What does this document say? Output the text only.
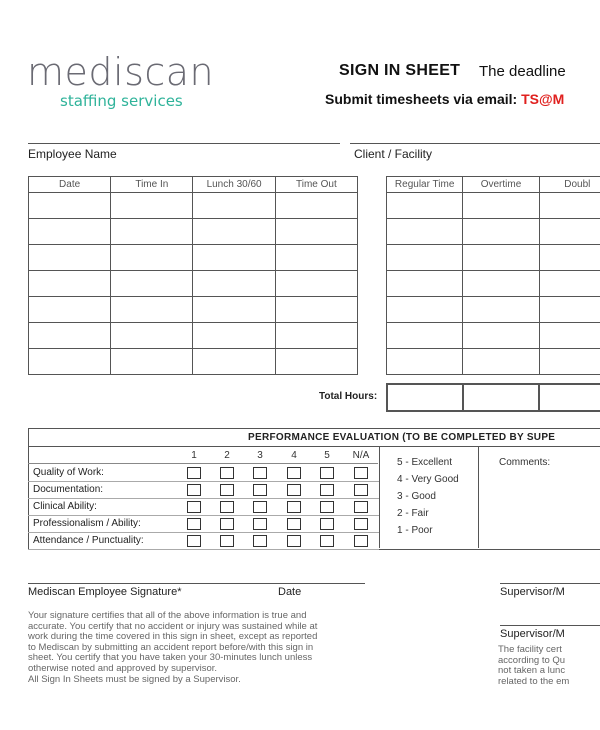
mediscan
staffing services
SIGN IN SHEET The deadline
Submit timesheets via email: TS@M
Employee Name	Client / Facility
Date	Time In	Lunch 30/60	Time Out

				Regular Time	Overtime	Doubl

Total Hours:

PERFORMANCE EVALUATION (TO BE COMPLETED BY SUPE
1	2	3	4	5	N/A
Quality of Work:
Documentation:
Clinical Ability:
Professionalism / Ability:
Attendance / Punctuality:
5 - Excellent
4 - Very Good
3 - Good
2 - Fair
1 - Poor
Comments:
Mediscan Employee Signature*	Date	Supervisor/M
Supervisor/M
Your signature certifies that all of the above information is true and
accurate. You certify that no accident or injury was sustained while at
work during the time covered in this sign in sheet, except as reported
to Mediscan by submitting an accident report before/with this sign in
sheet. You certify that you have taken your 30-minutes lunch unless
otherwise noted and approved by supervisor.
All Sign In Sheets must be signed by a Supervisor.
The facility cert
according to Qu
not taken a lunc
related to the em
